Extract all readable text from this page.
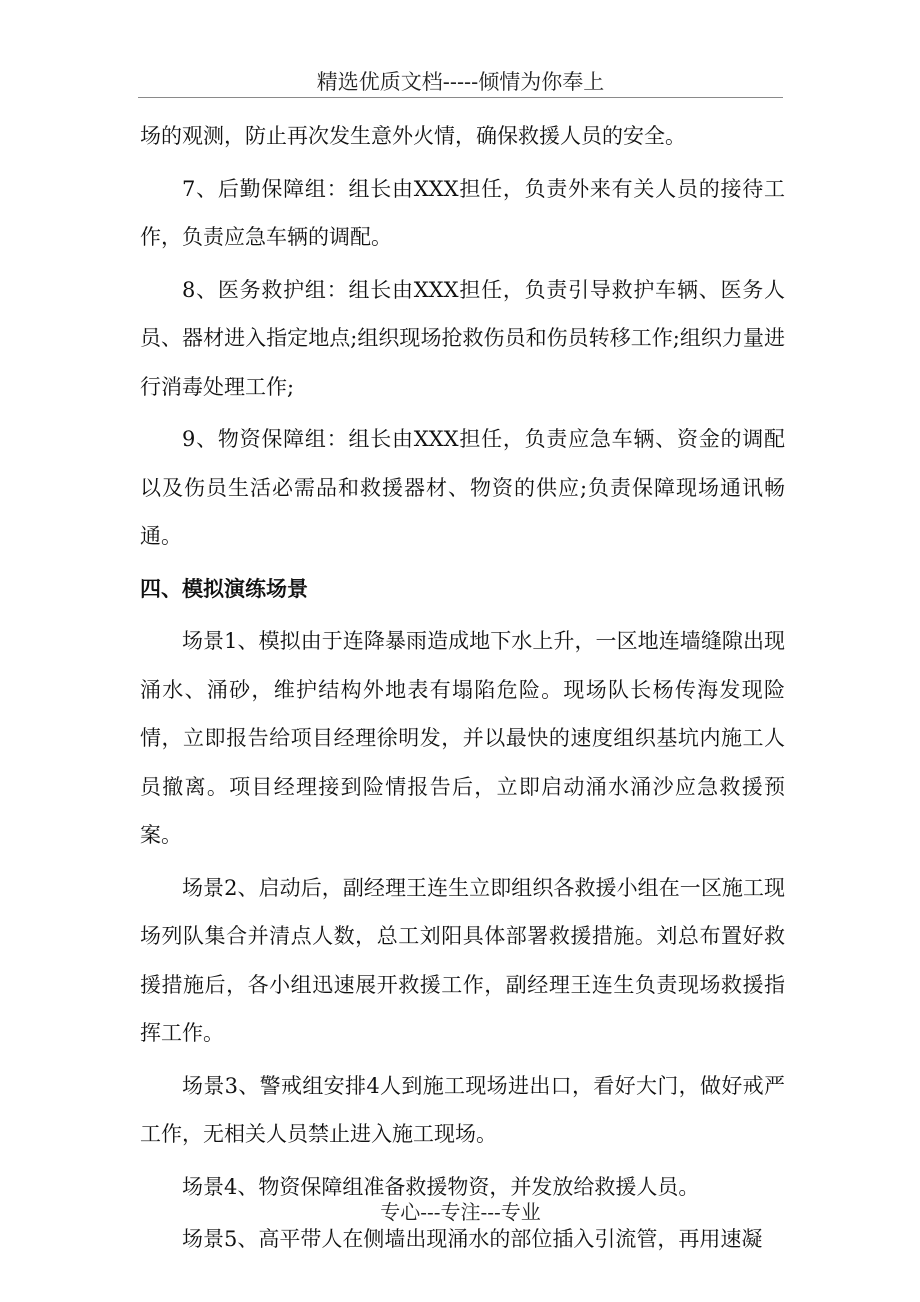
精选优质文档-----倾情为你奉上

场的观测，防止再次发生意外火情，确保救援人员的安全。

7、后勤保障组：组长由XXX担任，负责外来有关人员的接待工作，负责应急车辆的调配。

8、医务救护组：组长由XXX担任，负责引导救护车辆、医务人员、器材进入指定地点;组织现场抢救伤员和伤员转移工作;组织力量进行消毒处理工作;

9、物资保障组：组长由XXX担任，负责应急车辆、资金的调配以及伤员生活必需品和救援器材、物资的供应;负责保障现场通讯畅通。

四、模拟演练场景

场景1、模拟由于连降暴雨造成地下水上升，一区地连墙缝隙出现涌水、涌砂，维护结构外地表有塌陷危险。现场队长杨传海发现险情，立即报告给项目经理徐明发，并以最快的速度组织基坑内施工人员撤离。项目经理接到险情报告后，立即启动涌水涌沙应急救援预案。

场景2、启动后，副经理王连生立即组织各救援小组在一区施工现场列队集合并清点人数，总工刘阳具体部署救援措施。刘总布置好救援措施后，各小组迅速展开救援工作，副经理王连生负责现场救援指挥工作。

场景3、警戒组安排4人到施工现场进出口，看好大门，做好戒严工作，无相关人员禁止进入施工现场。

场景4、物资保障组准备救援物资，并发放给救援人员。

场景5、高平带人在侧墙出现涌水的部位插入引流管，再用速凝

专心---专注---专业
